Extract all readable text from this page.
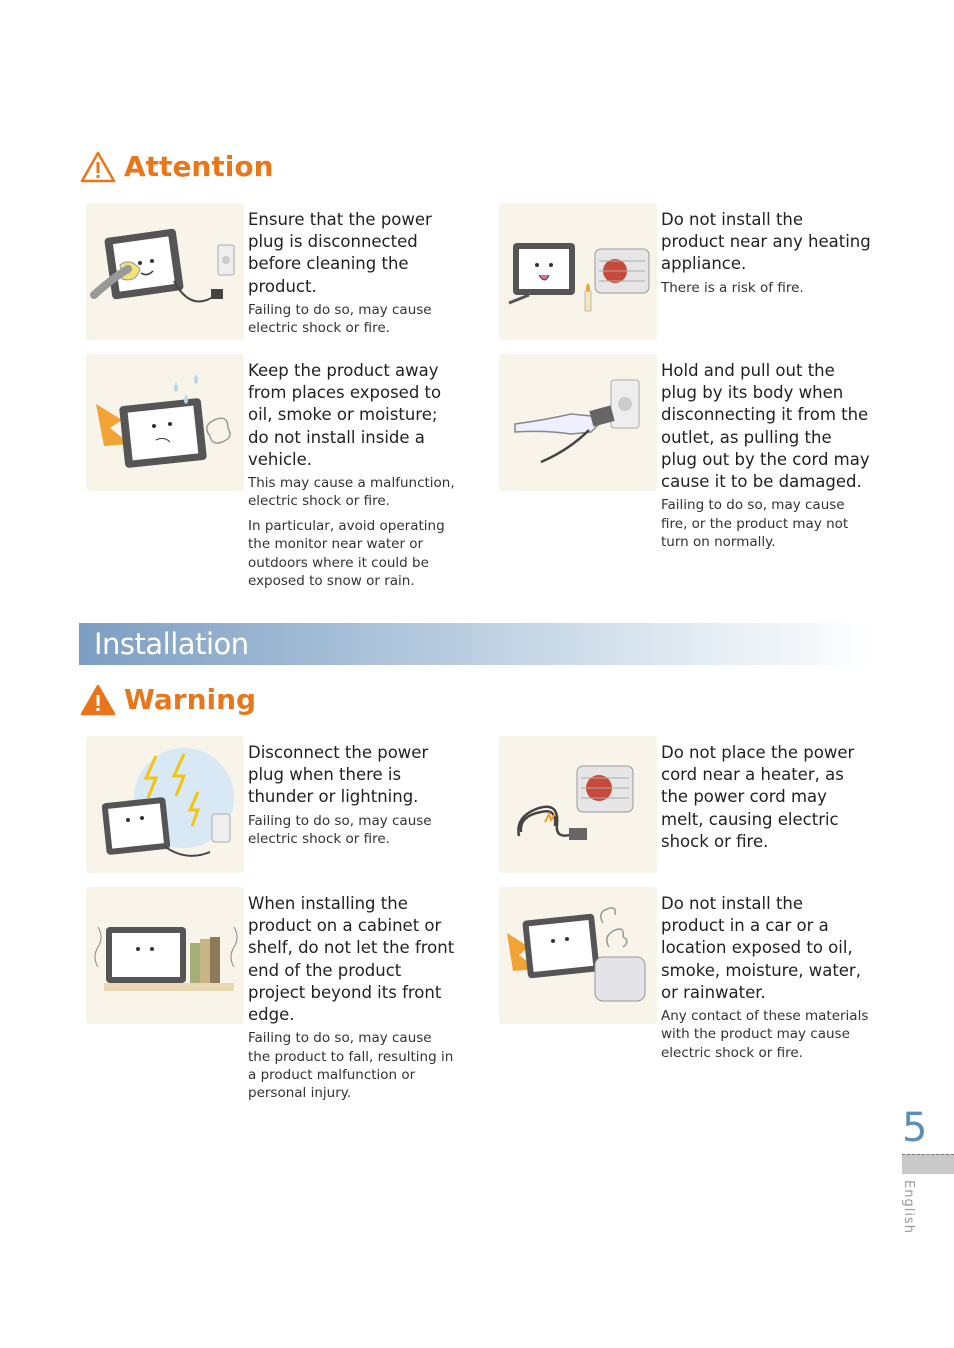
Attention
Ensure that the power plug is disconnected before cleaning the product.
Failing to do so, may cause electric shock or fire.
Do not install the product near any heating appliance.
There is a risk of fire.
Keep the product away from places exposed to oil, smoke or moisture; do not install inside a vehicle.
This may cause a malfunction, electric shock or fire.
In particular, avoid operating the monitor near water or outdoors where it could be exposed to snow or rain.
Hold and pull out the plug by its body when disconnecting it from the outlet, as pulling the plug out by the cord may cause it to be damaged.
Failing to do so, may cause fire, or the product may not turn on normally.
Installation
Warning
Disconnect the power plug when there is thunder or lightning.
Failing to do so, may cause electric shock or fire.
Do not place the power cord near a heater, as the power cord may melt, causing electric shock or fire.
When installing the product on a cabinet or shelf, do not let the front end of the product project beyond its front edge.
Failing to do so, may cause the product to fall, resulting in a product malfunction or personal injury.
Do not install the product in a car or a location exposed to oil, smoke, moisture, water, or rainwater.
Any contact of these materials with the product may cause electric shock or fire.
5
English
